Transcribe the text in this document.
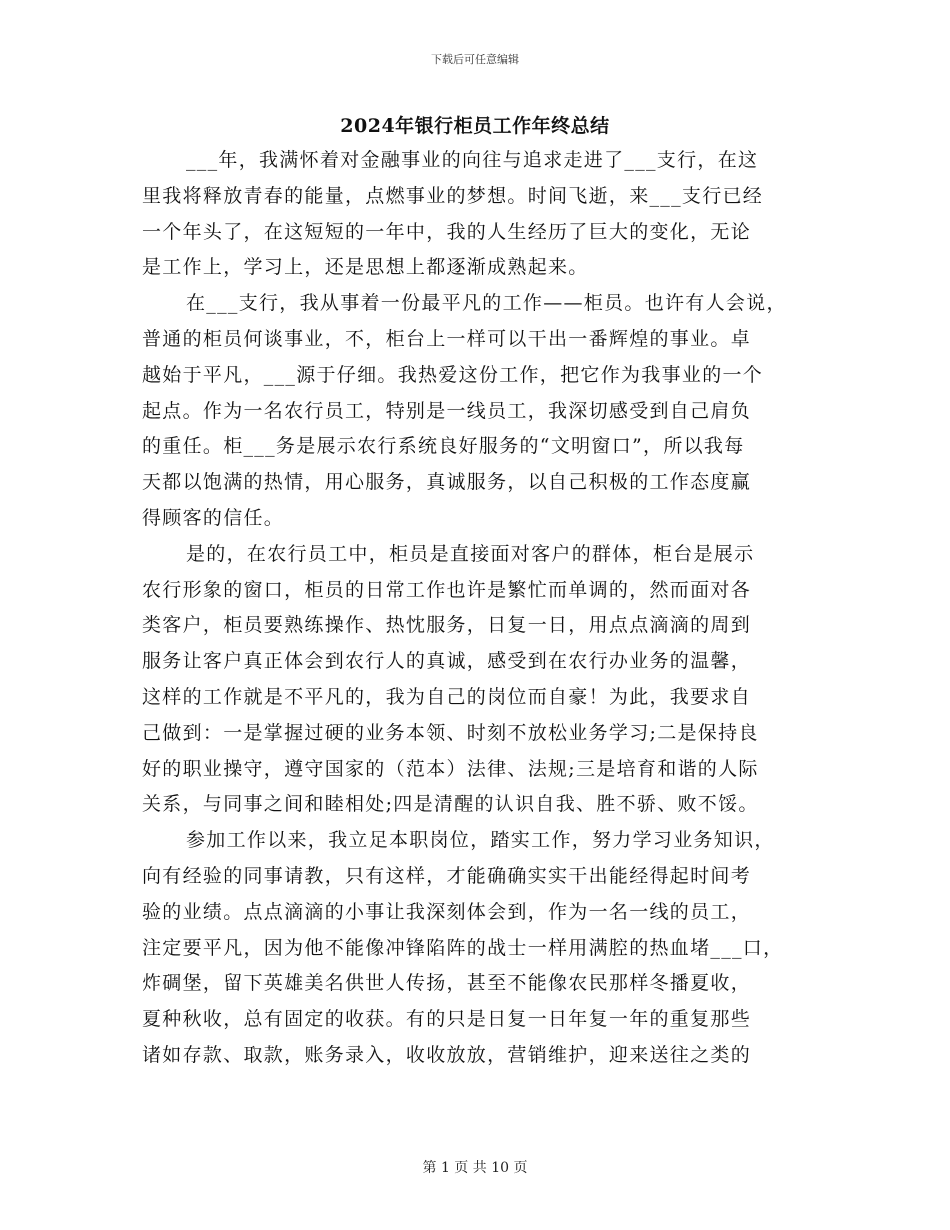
下载后可任意编辑
2024年银行柜员工作年终总结
___年，我满怀着对金融事业的向往与追求走进了___支行，在这
里我将释放青春的能量，点燃事业的梦想。时间飞逝，来___支行已经
一个年头了，在这短短的一年中，我的人生经历了巨大的变化，无论
是工作上，学习上，还是思想上都逐渐成熟起来。
在___支行，我从事着一份最平凡的工作——柜员。也许有人会说，
普通的柜员何谈事业，不，柜台上一样可以干出一番辉煌的事业。卓
越始于平凡，___源于仔细。我热爱这份工作，把它作为我事业的一个
起点。作为一名农行员工，特别是一线员工，我深切感受到自己肩负
的重任。柜___务是展示农行系统良好服务的“文明窗口”，所以我每
天都以饱满的热情，用心服务，真诚服务，以自己积极的工作态度赢
得顾客的信任。
是的，在农行员工中，柜员是直接面对客户的群体，柜台是展示
农行形象的窗口，柜员的日常工作也许是繁忙而单调的，然而面对各
类客户，柜员要熟练操作、热忱服务，日复一日，用点点滴滴的周到
服务让客户真正体会到农行人的真诚，感受到在农行办业务的温馨，
这样的工作就是不平凡的，我为自己的岗位而自豪！为此，我要求自
己做到：一是掌握过硬的业务本领、时刻不放松业务学习;二是保持良
好的职业操守，遵守国家的（范本）法律、法规;三是培育和谐的人际
关系，与同事之间和睦相处;四是清醒的认识自我、胜不骄、败不馁。
参加工作以来，我立足本职岗位，踏实工作，努力学习业务知识，
向有经验的同事请教，只有这样，才能确确实实干出能经得起时间考
验的业绩。点点滴滴的小事让我深刻体会到，作为一名一线的员工，
注定要平凡，因为他不能像冲锋陷阵的战士一样用满腔的热血堵___口，
炸碉堡，留下英雄美名供世人传扬，甚至不能像农民那样冬播夏收，
夏种秋收，总有固定的收获。有的只是日复一日年复一年的重复那些
诸如存款、取款，账务录入，收收放放，营销维护，迎来送往之类的
第 1 页 共 10 页
